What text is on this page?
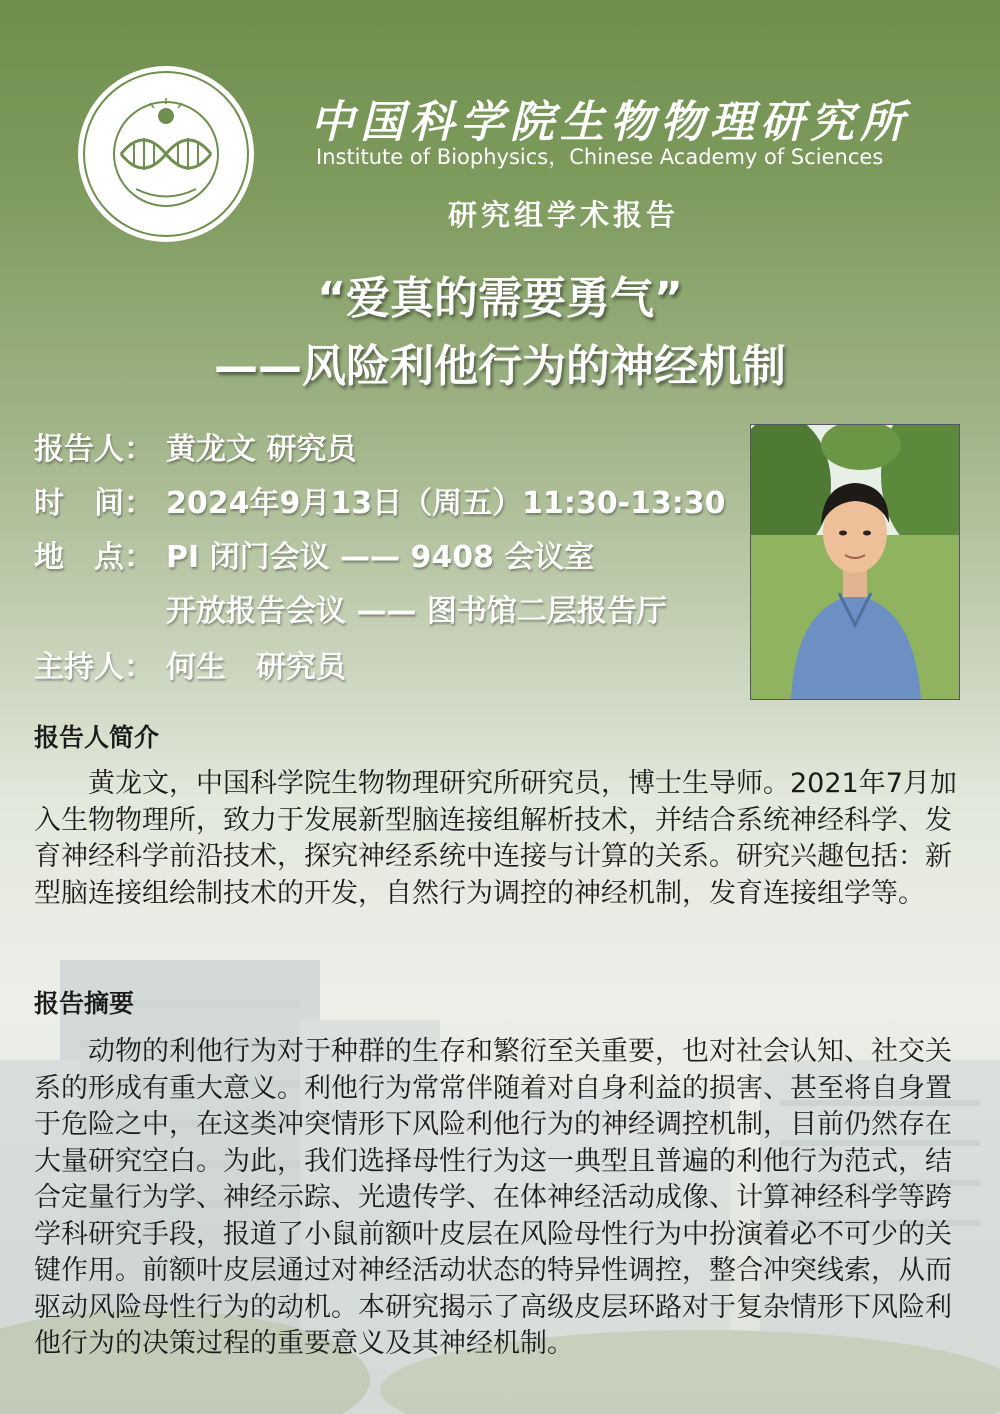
中国科学院生物物理研究所
Institute of Biophysics，Chinese Academy of Sciences
研究组学术报告
“爱真的需要勇气”
——风险利他行为的神经机制
报告人： 黄龙文 研究员
时　间： 2024年9月13日（周五）11:30-13:30
地　点： PI 闭门会议 —— 9408 会议室
开放报告会议 —— 图书馆二层报告厅
主持人： 何生　研究员
报告人简介
黄龙文，中国科学院生物物理研究所研究员，博士生导师。2021年7月加入生物物理所，致力于发展新型脑连接组解析技术，并结合系统神经科学、发育神经科学前沿技术，探究神经系统中连接与计算的关系。研究兴趣包括：新型脑连接组绘制技术的开发，自然行为调控的神经机制，发育连接组学等。
报告摘要
动物的利他行为对于种群的生存和繁衍至关重要，也对社会认知、社交关系的形成有重大意义。利他行为常常伴随着对自身利益的损害、甚至将自身置于危险之中，在这类冲突情形下风险利他行为的神经调控机制，目前仍然存在大量研究空白。为此，我们选择母性行为这一典型且普遍的利他行为范式，结合定量行为学、神经示踪、光遗传学、在体神经活动成像、计算神经科学等跨学科研究手段，报道了小鼠前额叶皮层在风险母性行为中扮演着必不可少的关键作用。前额叶皮层通过对神经活动状态的特异性调控，整合冲突线索，从而驱动风险母性行为的动机。本研究揭示了高级皮层环路对于复杂情形下风险利他行为的决策过程的重要意义及其神经机制。
